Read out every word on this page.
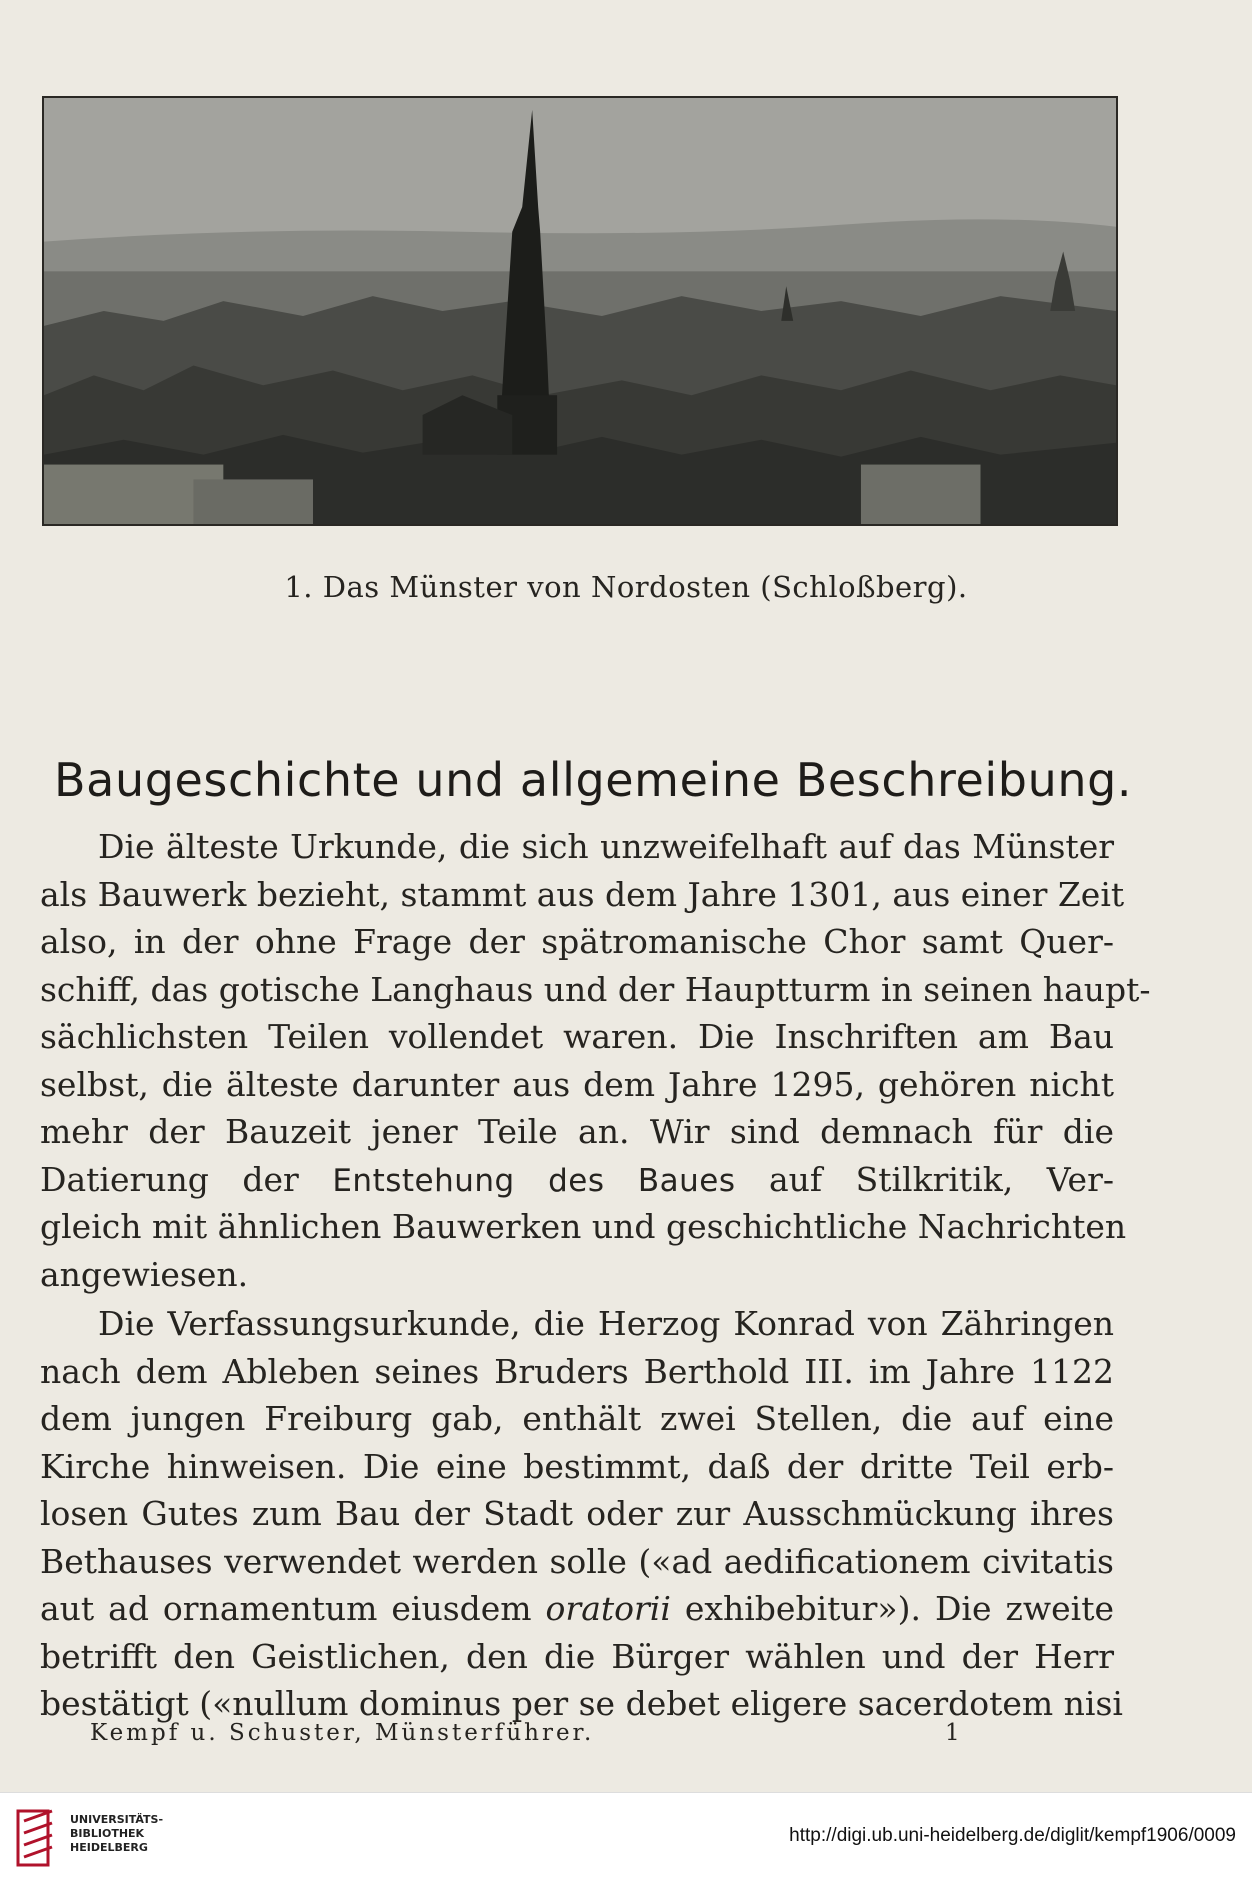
1. Das Münster von Nordosten (Schloßberg).
Baugeschichte und allgemeine Beschreibung.
Die älteste Urkunde, die sich unzweifelhaft auf das Münster
als Bauwerk bezieht, stammt aus dem Jahre 1301, aus einer Zeit
also, in der ohne Frage der spätromanische Chor samt Quer-
schiff, das gotische Langhaus und der Hauptturm in seinen haupt-
sächlichsten Teilen vollendet waren. Die Inschriften am Bau
selbst, die älteste darunter aus dem Jahre 1295, gehören nicht
mehr der Bauzeit jener Teile an. Wir sind demnach für die
Datierung der Entstehung des Baues auf Stilkritik, Ver-
gleich mit ähnlichen Bauwerken und geschichtliche Nachrichten
angewiesen.
Die Verfassungsurkunde, die Herzog Konrad von Zähringen
nach dem Ableben seines Bruders Berthold III. im Jahre 1122
dem jungen Freiburg gab, enthält zwei Stellen, die auf eine
Kirche hinweisen. Die eine bestimmt, daß der dritte Teil erb-
losen Gutes zum Bau der Stadt oder zur Ausschmückung ihres
Bethauses verwendet werden solle («ad aedificationem civitatis
aut ad ornamentum eiusdem oratorii exhibebitur»). Die zweite
betrifft den Geistlichen, den die Bürger wählen und der Herr
bestätigt («nullum dominus per se debet eligere sacerdotem nisi
Kempf u. Schuster, Münsterführer.	1
UNIVERSITÄTS-
BIBLIOTHEK
HEIDELBERG
http://digi.ub.uni-heidelberg.de/diglit/kempf1906/0009
